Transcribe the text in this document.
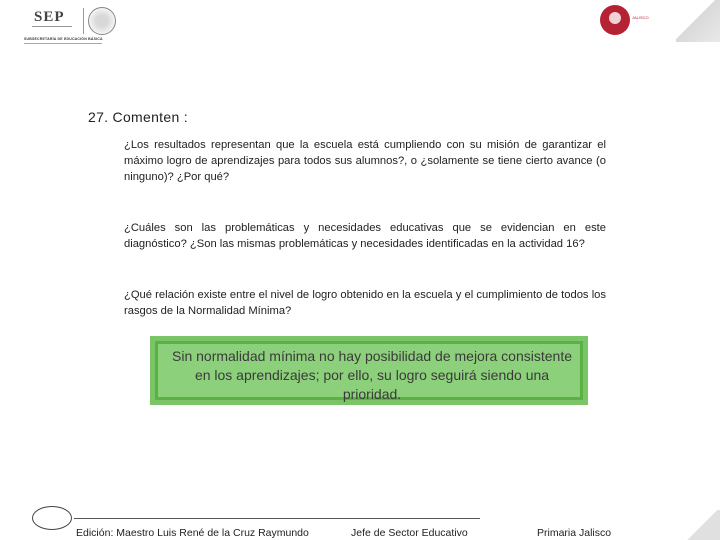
SEP
SUBSECRETARÍA DE EDUCACIÓN BÁSICA
JALISCO
27. Comenten :
¿Los resultados representan que la escuela está cumpliendo con su misión de garantizar el máximo logro de aprendizajes para todos sus alumnos?, o ¿solamente se tiene cierto avance (o ninguno)? ¿Por qué?
¿Cuáles son las problemáticas y necesidades educativas que se evidencian en este diagnóstico? ¿Son las mismas problemáticas y necesidades identificadas en la actividad 16?
¿Qué relación existe entre el nivel de logro obtenido en la escuela y el cumplimiento de todos los rasgos de la Normalidad Mínima?
Sin normalidad mínima no hay posibilidad de mejora consistente en los aprendizajes; por ello, su logro seguirá siendo una prioridad.
Edición: Maestro Luis René de la Cruz Raymundo	Jefe de Sector Educativo	Primaria Jalisco
